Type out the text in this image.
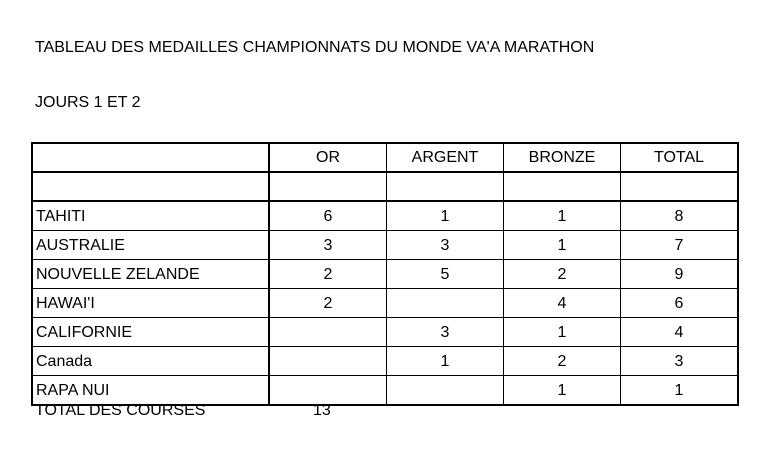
TABLEAU DES MEDAILLES CHAMPIONNATS DU MONDE VA'A MARATHON
JOURS 1 ET 2
	OR	ARGENT	BRONZE	TOTAL

TAHITI	6	1	1	8
AUSTRALIE	3	3	1	7
NOUVELLE ZELANDE	2	5	2	9
HAWAI'I	2		4	6
CALIFORNIE		3	1	4
Canada		1	2	3
RAPA NUI			1	1
TOTAL DES COURSES	13
